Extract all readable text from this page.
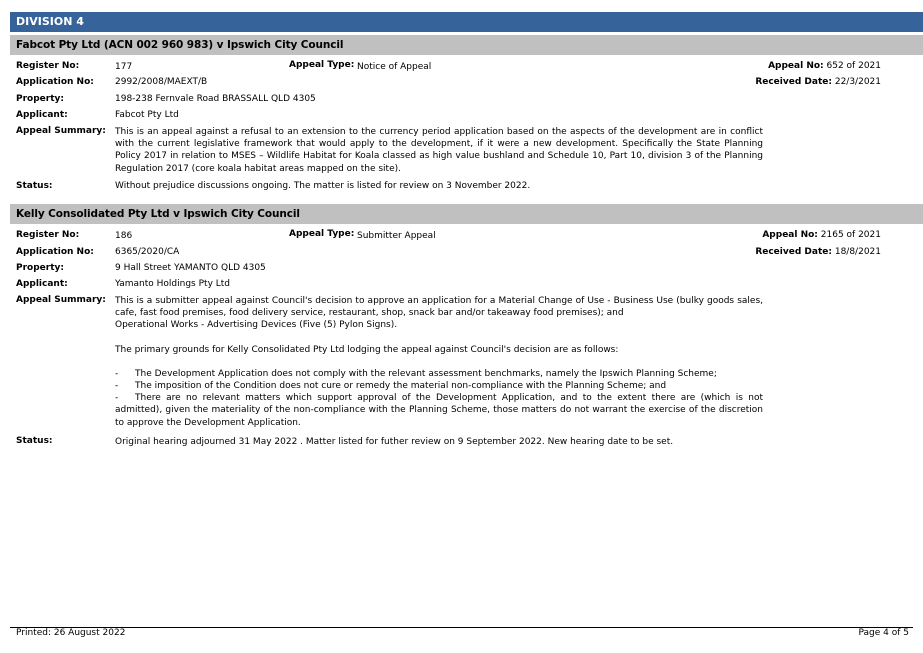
DIVISION 4
Fabcot Pty Ltd (ACN 002 960 983) v Ipswich City Council
Register No:	177	Appeal Type: Notice of Appeal	Appeal No: 652 of 2021
Application No: 2992/2008/MAEXT/B	Received Date: 22/3/2021
Property:	198-238 Fernvale Road BRASSALL QLD 4305
Applicant:	Fabcot Pty Ltd
Appeal Summary: This is an appeal against a refusal to an extension to the currency period application based on the aspects of the development are in conflict with the current legislative framework that would apply to the development, if it were a new development. Specifically the State Planning Policy 2017 in relation to MSES – Wildlife Habitat for Koala classed as high value bushland and Schedule 10, Part 10, division 3 of the Planning Regulation 2017 (core koala habitat areas mapped on the site).
Status:	Without prejudice discussions ongoing. The matter is listed for review on 3 November 2022.
Kelly Consolidated Pty Ltd v Ipswich City Council
Register No:	186	Appeal Type: Submitter Appeal	Appeal No: 2165 of 2021
Application No: 6365/2020/CA	Received Date: 18/8/2021
Property:	9 Hall Street YAMANTO QLD 4305
Applicant:	Yamanto Holdings Pty Ltd
Appeal Summary: This is a submitter appeal against Council's decision to approve an application for a Material Change of Use - Business Use (bulky goods sales, cafe, fast food premises, food delivery service, restaurant, shop, snack bar and/or takeaway food premises); and

Operational Works - Advertising Devices (Five (5) Pylon Signs).

The primary grounds for Kelly Consolidated Pty Ltd lodging the appeal against Council's decision are as follows:

- The Development Application does not comply with the relevant assessment benchmarks, namely the Ipswich Planning Scheme;
- The imposition of the Condition does not cure or remedy the material non-compliance with the Planning Scheme; and
- There are no relevant matters which support approval of the Development Application, and to the extent there are (which is not admitted), given the materiality of the non-compliance with the Planning Scheme, those matters do not warrant the exercise of the discretion to approve the Development Application.
Status:	Original hearing adjourned 31 May 2022 . Matter listed for futher review on 9 September 2022. New hearing date to be set.
Printed: 26 August 2022	Page 4 of 5
